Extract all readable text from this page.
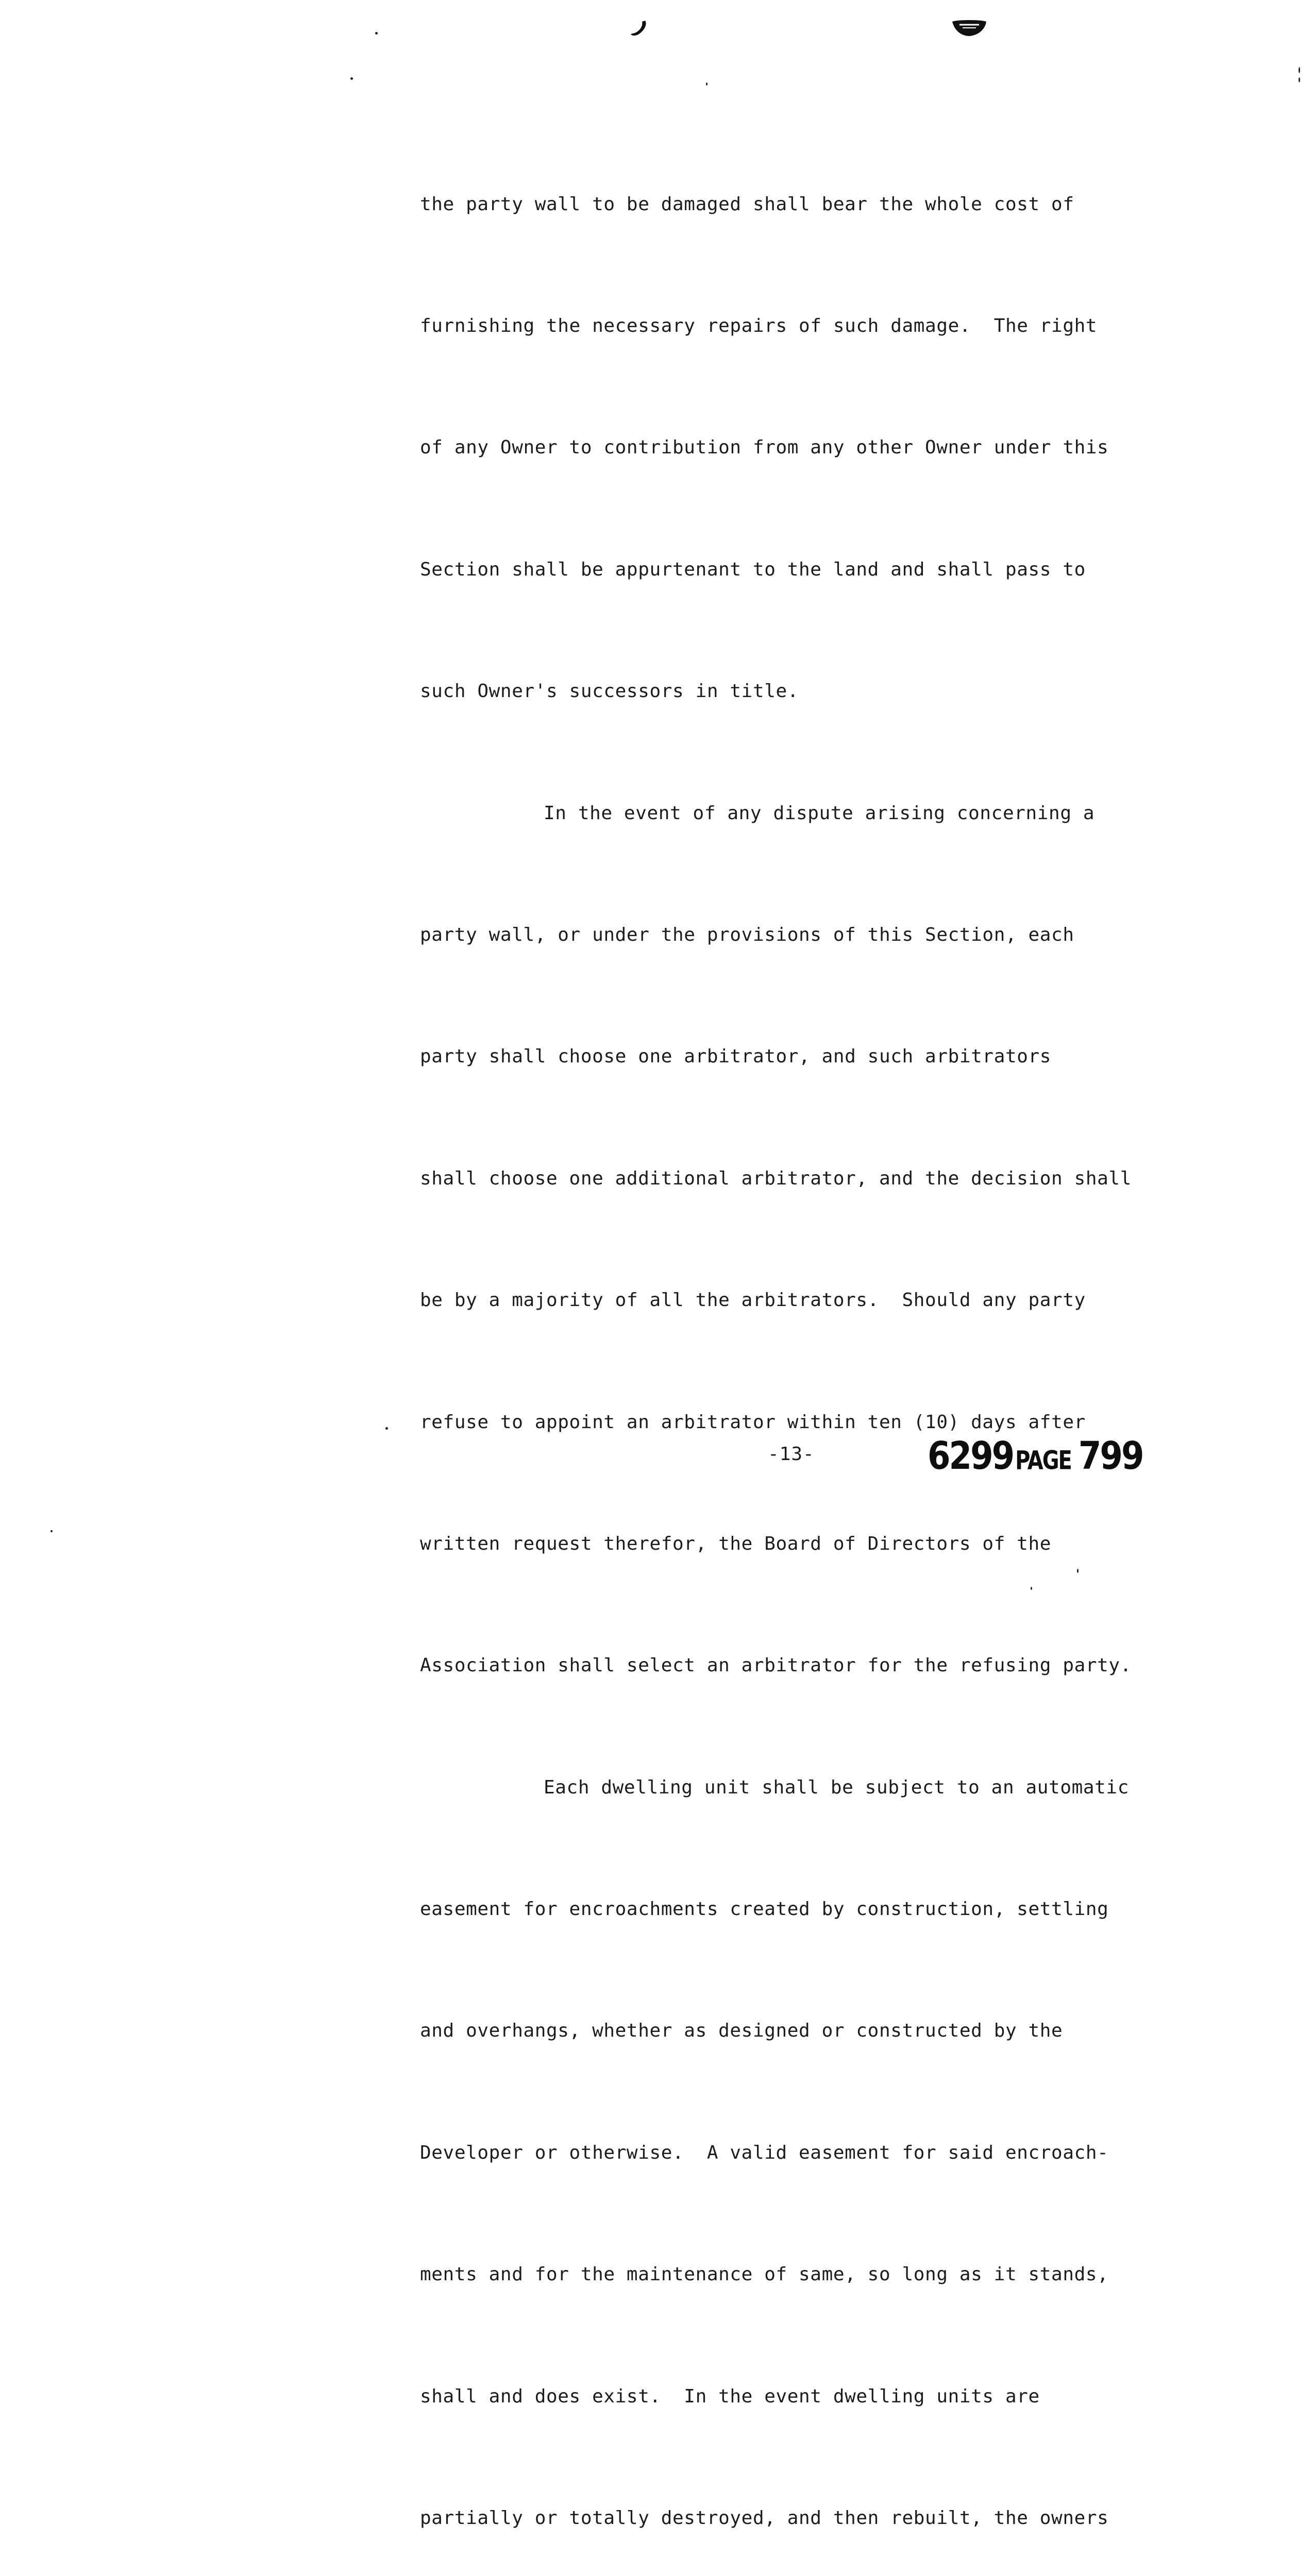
the party wall to be damaged shall bear the whole cost of

furnishing the necessary repairs of such damage.  The right

of any Owner to contribution from any other Owner under this

Section shall be appurtenant to the land and shall pass to

such Owner's successors in title.

In the event of any dispute arising concerning a

party wall, or under the provisions of this Section, each

party shall choose one arbitrator, and such arbitrators

shall choose one additional arbitrator, and the decision shall

be by a majority of all the arbitrators.  Should any party

refuse to appoint an arbitrator within ten (10) days after

written request therefor, the Board of Directors of the

Association shall select an arbitrator for the refusing party.

Each dwelling unit shall be subject to an automatic

easement for encroachments created by construction, settling

and overhangs, whether as designed or constructed by the

Developer or otherwise.  A valid easement for said encroach-

ments and for the maintenance of same, so long as it stands,

shall and does exist.  In the event dwelling units are

partially or totally destroyed, and then rebuilt, the owners

-13-	6299 PAGE 799
